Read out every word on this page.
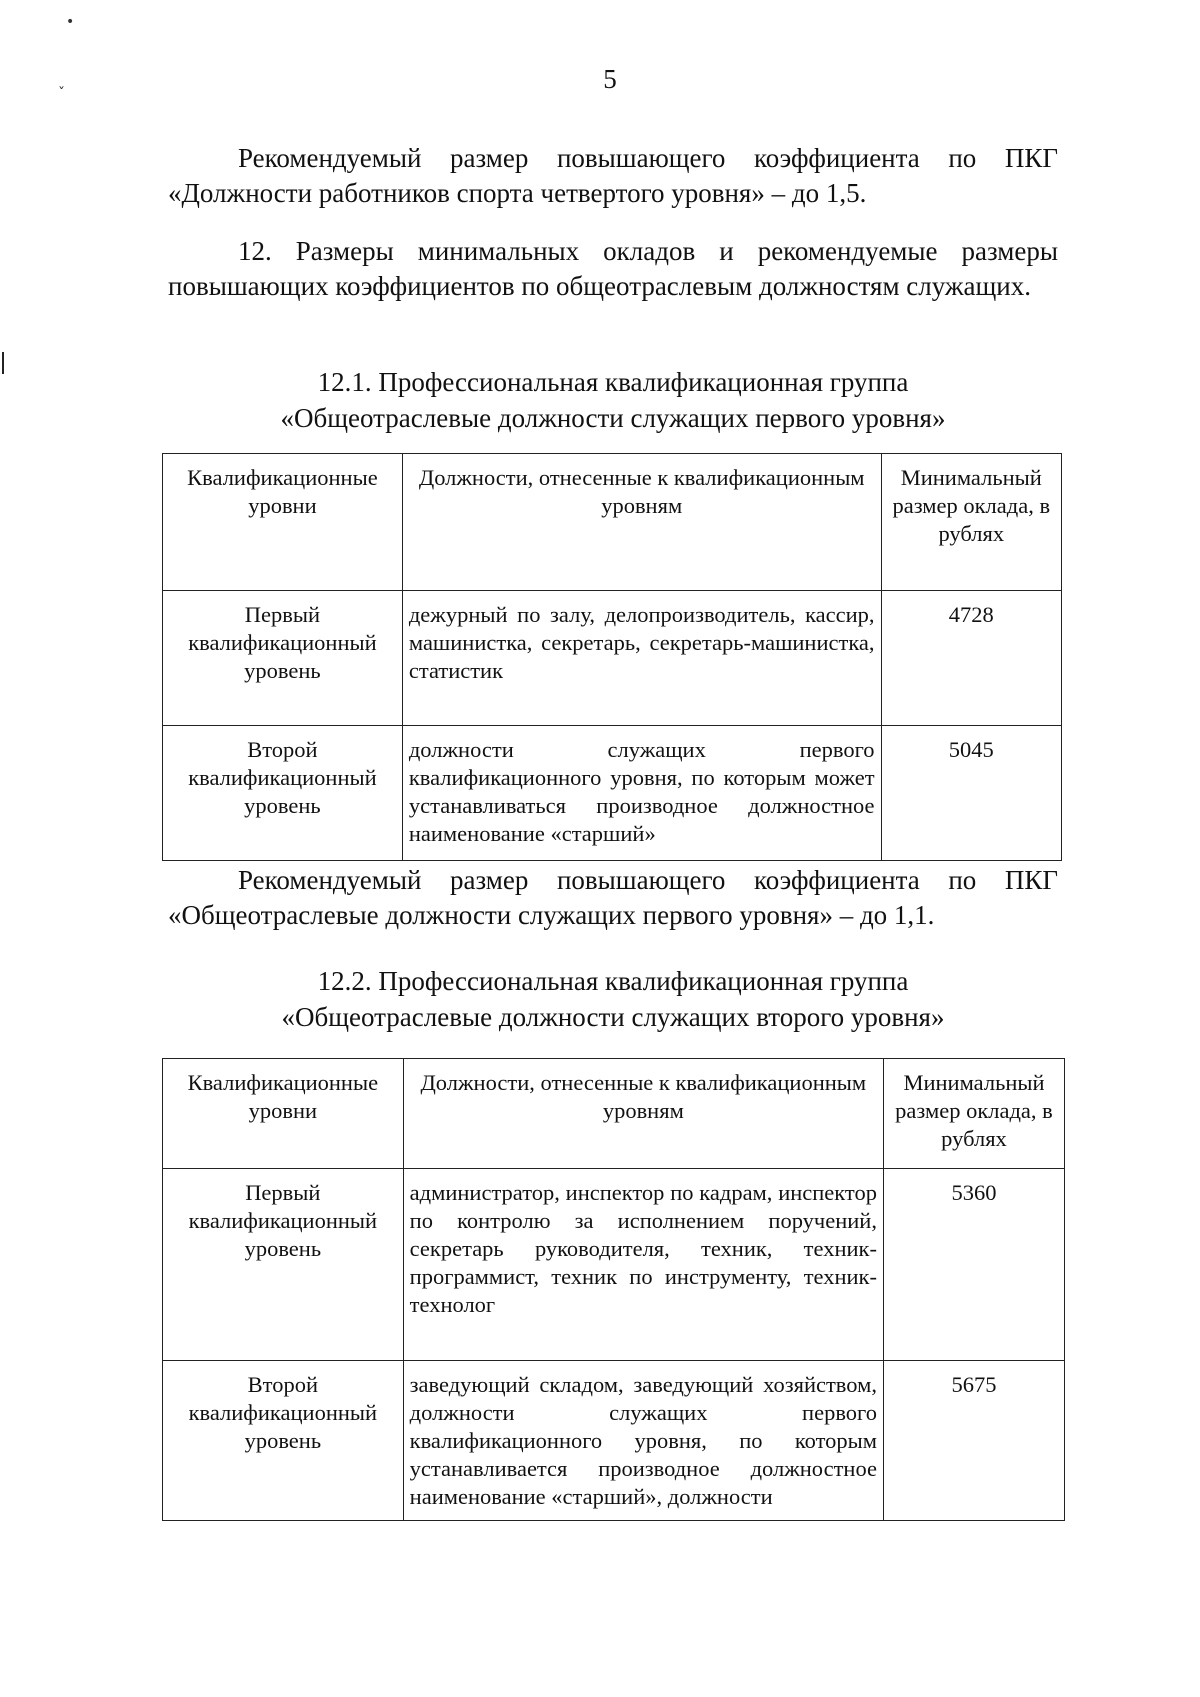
•
ˇ	5
Рекомендуемый размер повышающего коэффициента по ПКГ «Должности работников спорта четвертого уровня» – до 1,5.
12. Размеры минимальных окладов и рекомендуемые размеры повышающих коэффициентов по общеотраслевым должностям служащих.
12.1. Профессиональная квалификационная группа
«Общеотраслевые должности служащих первого уровня»
Квалификационные уровни	Должности, отнесенные к квалификационным уровням	Минимальный размер оклада, в рублях
Первый квалификационный уровень	дежурный по залу, делопроизводитель, кассир, машинистка, секретарь, секретарь-машинистка, статистик	4728
Второй квалификационный уровень	должности служащих первого квалификационного уровня, по которым может устанавливаться производное должностное наименование «старший»	5045
Рекомендуемый размер повышающего коэффициента по ПКГ «Общеотраслевые должности служащих первого уровня» – до 1,1.
12.2. Профессиональная квалификационная группа
«Общеотраслевые должности служащих второго уровня»
Квалификационные уровни	Должности, отнесенные к квалификационным уровням	Минимальный размер оклада, в рублях
Первый квалификационный уровень	администратор, инспектор по кадрам, инспектор по контролю за исполнением поручений, секретарь руководителя, техник, техник-программист, техник по инструменту, техник-технолог	5360
Второй квалификационный уровень	заведующий складом, заведующий хозяйством, должности служащих первого квалификационного уровня, по которым устанавливается производное должностное наименование «старший», должности	5675
